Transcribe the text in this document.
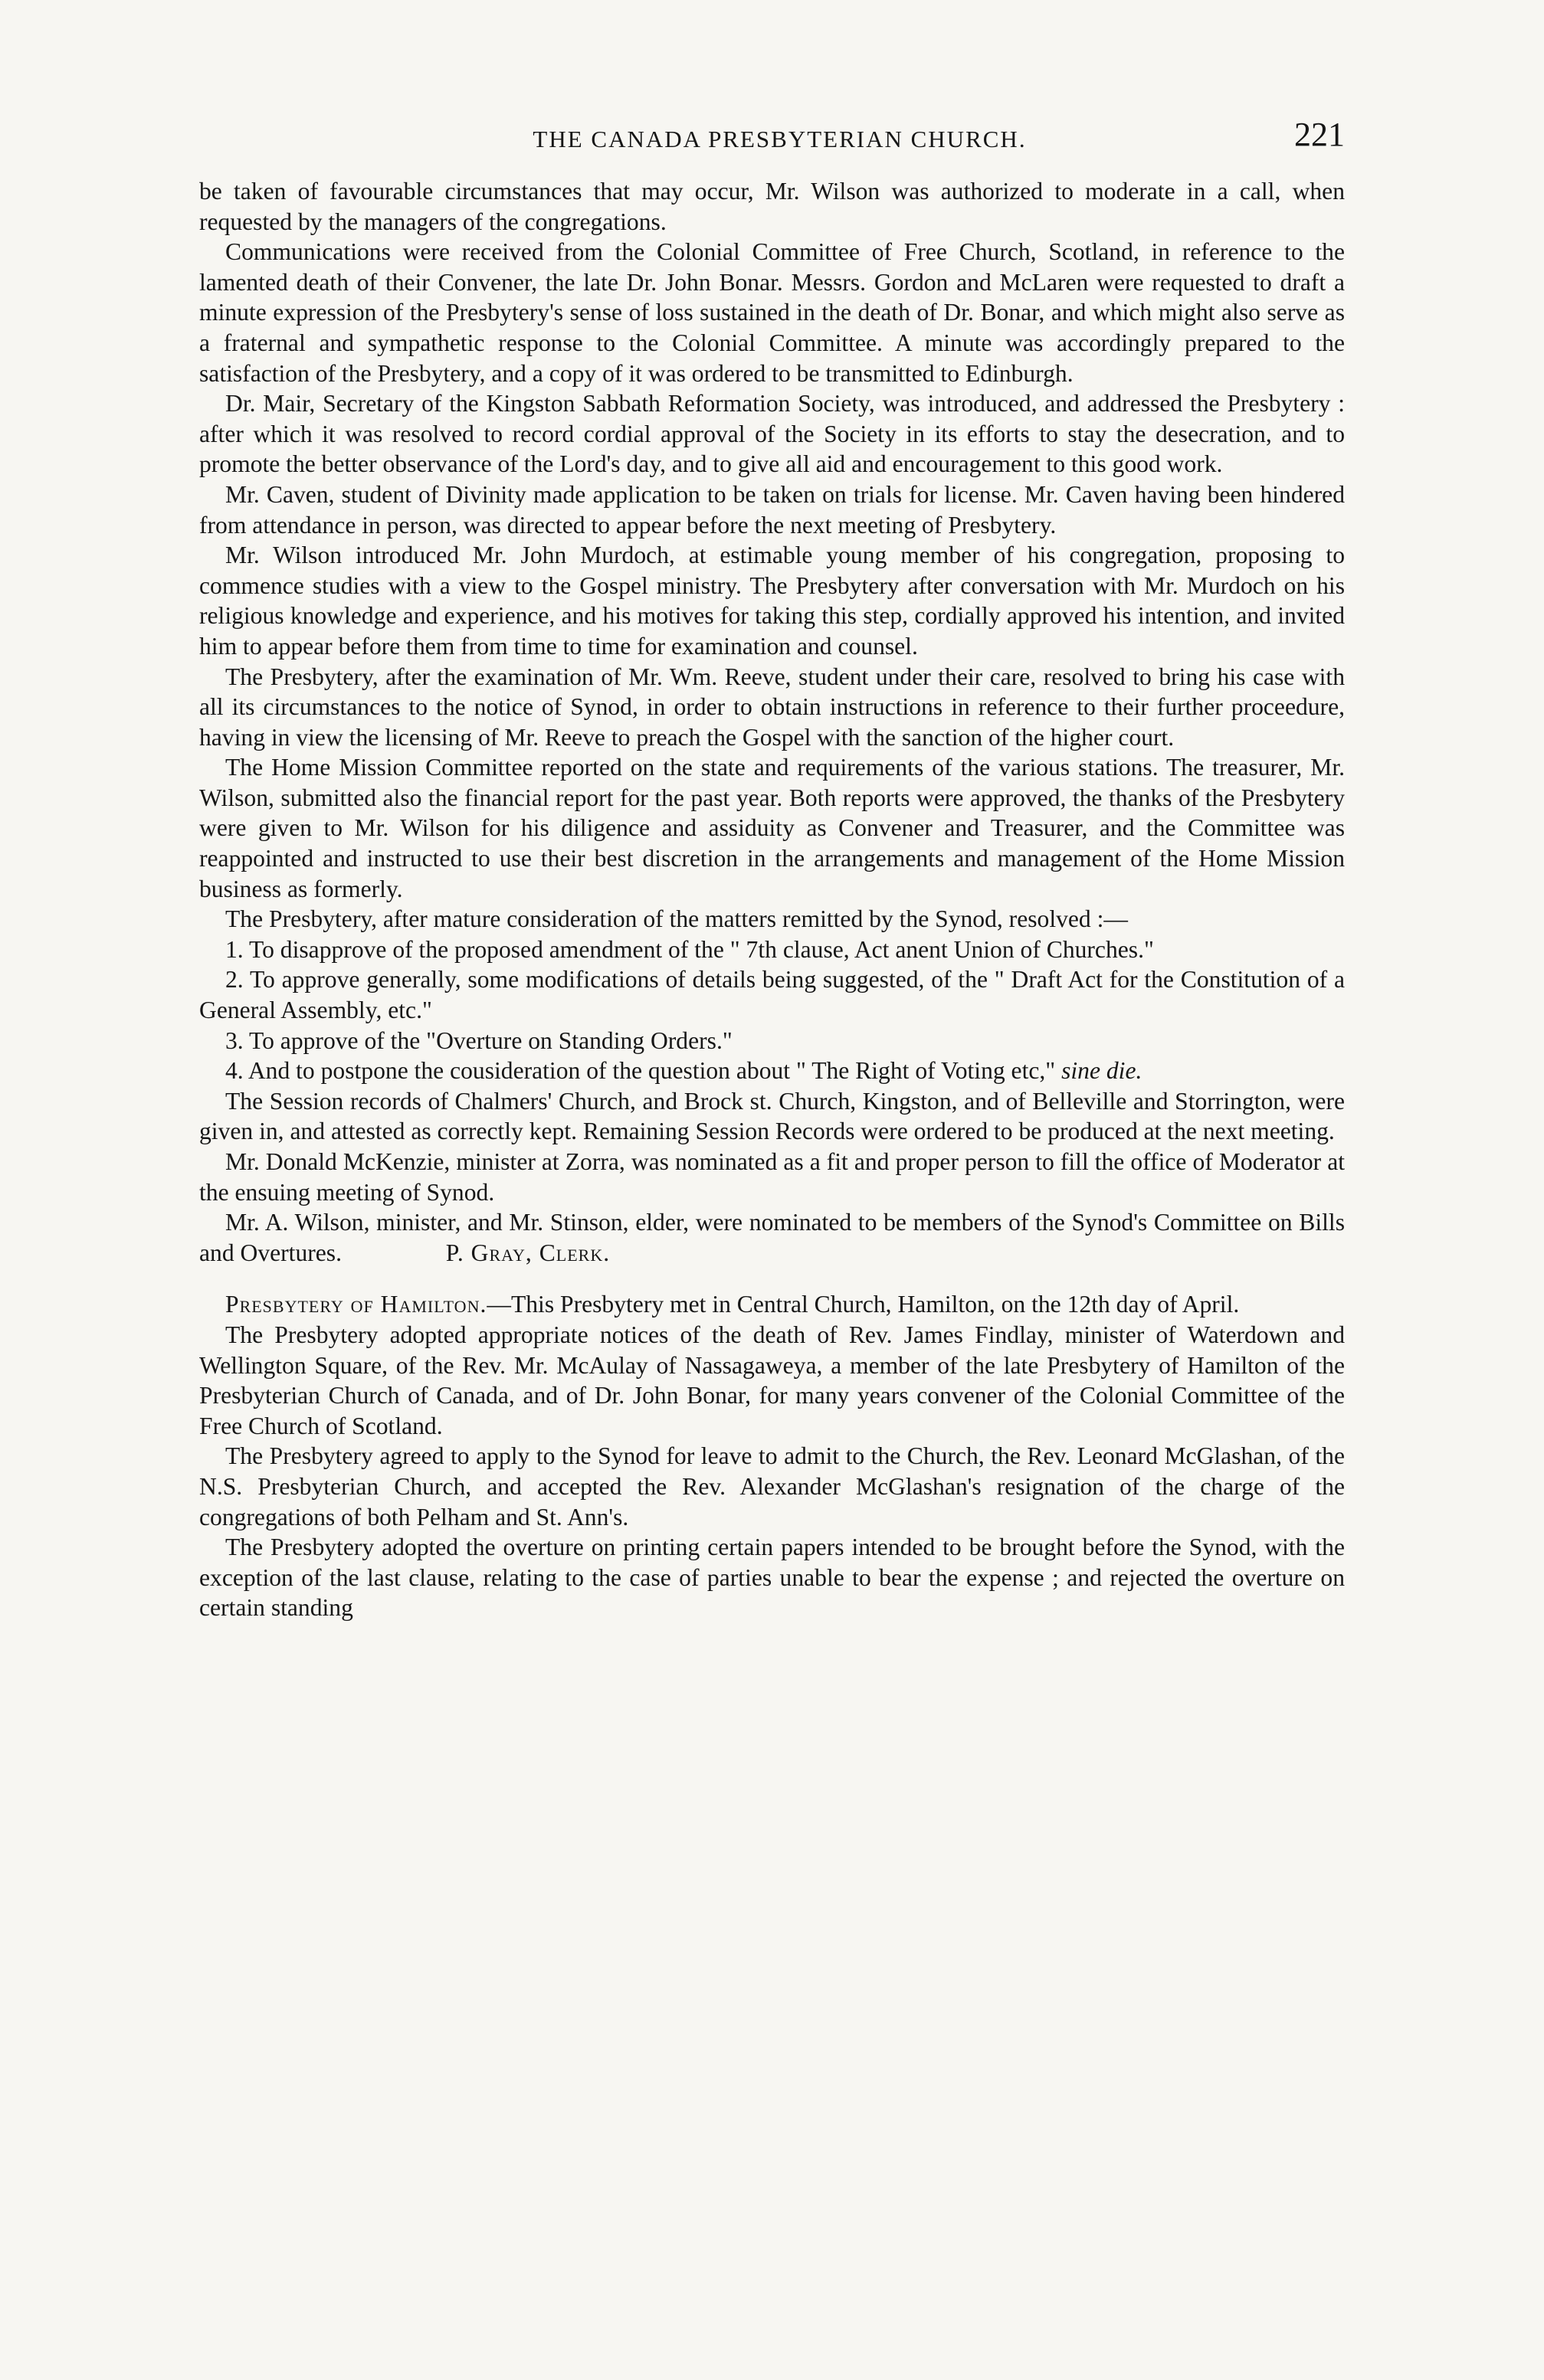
THE CANADA PRESBYTERIAN CHURCH.	221

be taken of favourable circumstances that may occur, Mr. Wilson was authorized to moderate in a call, when requested by the managers of the congregations.

Communications were received from the Colonial Committee of Free Church, Scotland, in reference to the lamented death of their Convener, the late Dr. John Bonar. Messrs. Gordon and McLaren were requested to draft a minute expression of the Presbytery's sense of loss sustained in the death of Dr. Bonar, and which might also serve as a fraternal and sympathetic response to the Colonial Committee. A minute was accordingly prepared to the satisfaction of the Presbytery, and a copy of it was ordered to be transmitted to Edinburgh.

Dr. Mair, Secretary of the Kingston Sabbath Reformation Society, was introduced, and addressed the Presbytery : after which it was resolved to record cordial approval of the Society in its efforts to stay the desecration, and to promote the better observance of the Lord's day, and to give all aid and encouragement to this good work.

Mr. Caven, student of Divinity made application to be taken on trials for license. Mr. Caven having been hindered from attendance in person, was directed to appear before the next meeting of Presbytery.

Mr. Wilson introduced Mr. John Murdoch, at estimable young member of his congregation, proposing to commence studies with a view to the Gospel ministry. The Presbytery after conversation with Mr. Murdoch on his religious knowledge and experience, and his motives for taking this step, cordially approved his intention, and invited him to appear before them from time to time for examination and counsel.

The Presbytery, after the examination of Mr. Wm. Reeve, student under their care, resolved to bring his case with all its circumstances to the notice of Synod, in order to obtain instructions in reference to their further proceedure, having in view the licensing of Mr. Reeve to preach the Gospel with the sanction of the higher court.

The Home Mission Committee reported on the state and requirements of the various stations. The treasurer, Mr. Wilson, submitted also the financial report for the past year. Both reports were approved, the thanks of the Presbytery were given to Mr. Wilson for his diligence and assiduity as Convener and Treasurer, and the Committee was reappointed and instructed to use their best discretion in the arrangements and management of the Home Mission business as formerly.

The Presbytery, after mature consideration of the matters remitted by the Synod, resolved :—

1. To disapprove of the proposed amendment of the " 7th clause, Act anent Union of Churches."

2. To approve generally, some modifications of details being suggested, of the " Draft Act for the Constitution of a General Assembly, etc."

3. To approve of the "Overture on Standing Orders."

4. And to postpone the cousideration of the question about " The Right of Voting etc," sine die.

The Session records of Chalmers' Church, and Brock st. Church, Kingston, and of Belleville and Storrington, were given in, and attested as correctly kept. Remaining Session Records were ordered to be produced at the next meeting.

Mr. Donald McKenzie, minister at Zorra, was nominated as a fit and proper person to fill the office of Moderator at the ensuing meeting of Synod.

Mr. A. Wilson, minister, and Mr. Stinson, elder, were nominated to be members of the Synod's Committee on Bills and Overtures.	P. Gray, Clerk.

Presbytery of Hamilton.—This Presbytery met in Central Church, Hamilton, on the 12th day of April.

The Presbytery adopted appropriate notices of the death of Rev. James Findlay, minister of Waterdown and Wellington Square, of the Rev. Mr. McAulay of Nassagaweya, a member of the late Presbytery of Hamilton of the Presbyterian Church of Canada, and of Dr. John Bonar, for many years convener of the Colonial Committee of the Free Church of Scotland.

The Presbytery agreed to apply to the Synod for leave to admit to the Church, the Rev. Leonard McGlashan, of the N.S. Presbyterian Church, and accepted the Rev. Alexander McGlashan's resignation of the charge of the congregations of both Pelham and St. Ann's.

The Presbytery adopted the overture on printing certain papers intended to be brought before the Synod, with the exception of the last clause, relating to the case of parties unable to bear the expense ; and rejected the overture on certain standing
